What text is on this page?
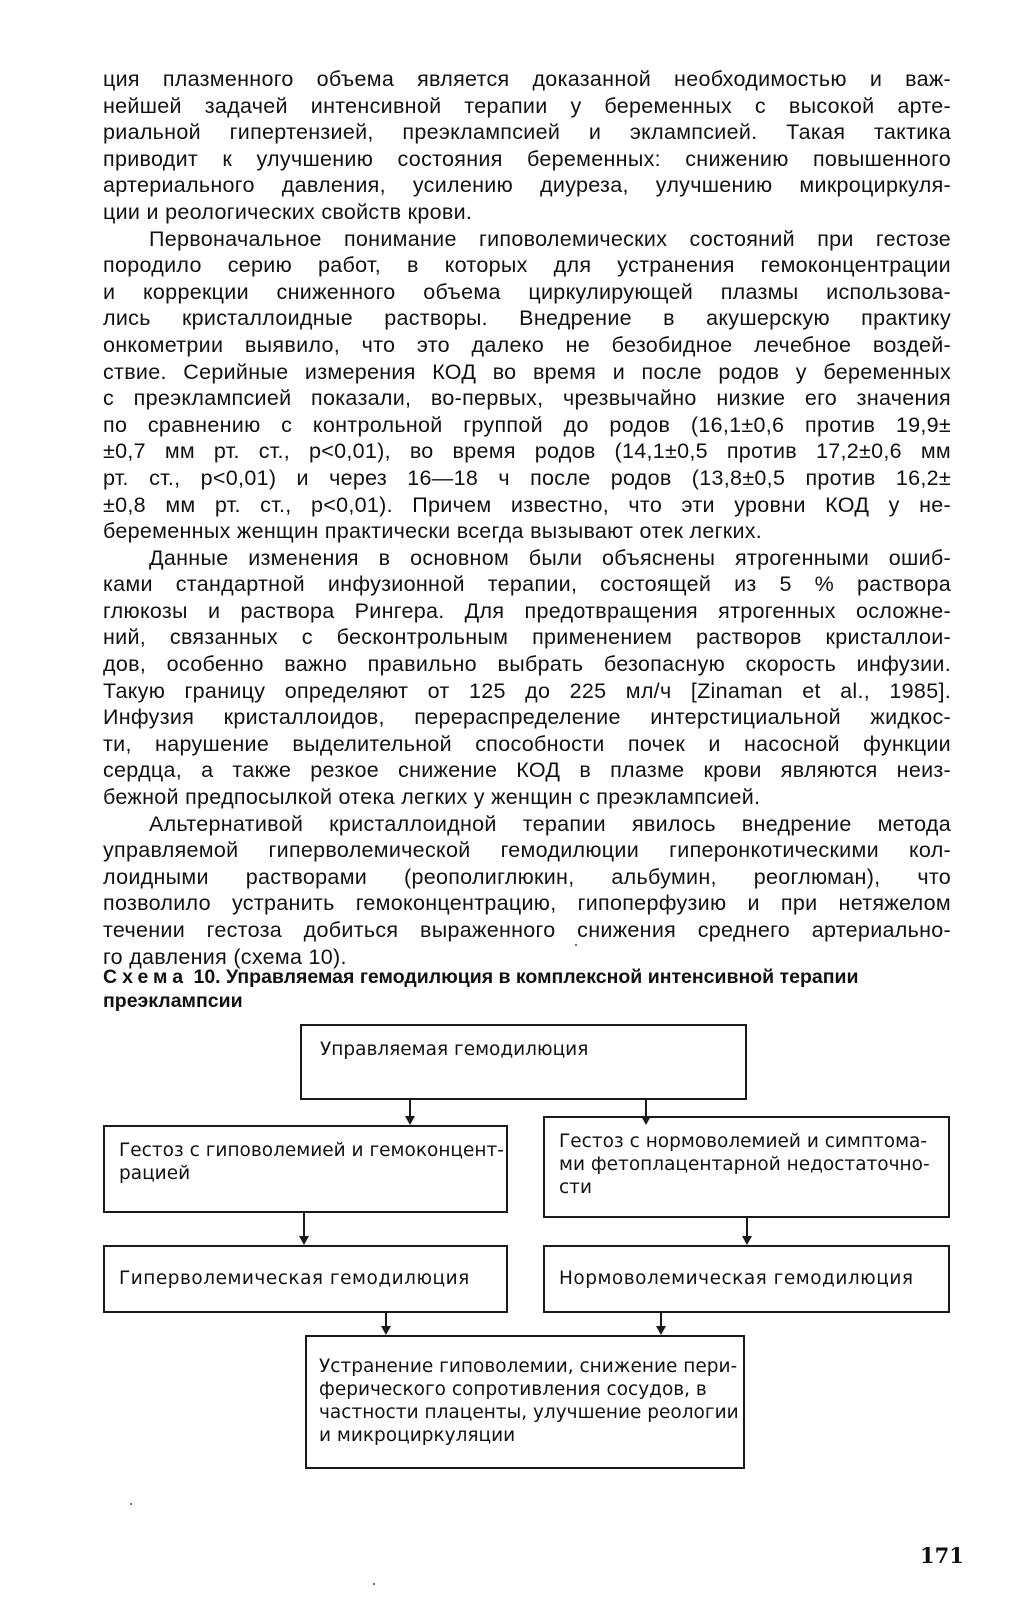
ция плазменного объема является доказанной необходимостью и важ-
нейшей задачей интенсивной терапии у беременных с высокой арте-
риальной гипертензией, преэклампсией и эклампсией. Такая тактика
приводит к улучшению состояния беременных: снижению повышенного
артериального давления, усилению диуреза, улучшению микроциркуля-
ции и реологических свойств крови.
Первоначальное понимание гиповолемических состояний при гестозе
породило серию работ, в которых для устранения гемоконцентрации
и коррекции сниженного объема циркулирующей плазмы использова-
лись кристаллоидные растворы. Внедрение в акушерскую практику
онкометрии выявило, что это далеко не безобидное лечебное воздей-
ствие. Серийные измерения КОД во время и после родов у беременных
с преэклампсией показали, во-первых, чрезвычайно низкие его значения
по сравнению с контрольной группой до родов (16,1±0,6 против 19,9±
±0,7 мм рт. ст., p<0,01), во время родов (14,1±0,5 против 17,2±0,6 мм
рт. ст., p<0,01) и через 16—18 ч после родов (13,8±0,5 против 16,2±
±0,8 мм рт. ст., p<0,01). Причем известно, что эти уровни КОД у не-
беременных женщин практически всегда вызывают отек легких.
Данные изменения в основном были объяснены ятрогенными ошиб-
ками стандартной инфузионной терапии, состоящей из 5 % раствора
глюкозы и раствора Рингера. Для предотвращения ятрогенных осложне-
ний, связанных с бесконтрольным применением растворов кристаллои-
дов, особенно важно правильно выбрать безопасную скорость инфузии.
Такую границу определяют от 125 до 225 мл/ч [Zinaman et al., 1985].
Инфузия кристаллоидов, перераспределение интерстициальной жидкос-
ти, нарушение выделительной способности почек и насосной функции
сердца, а также резкое снижение КОД в плазме крови являются неиз-
бежной предпосылкой отека легких у женщин с преэклампсией.
Альтернативой кристаллоидной терапии явилось внедрение метода
управляемой гиперволемической гемодилюции гиперонкотическими кол-
лоидными растворами (реополиглюкин, альбумин, реоглюман), что
позволило устранить гемоконцентрацию, гипоперфузию и при нетяжелом
течении гестоза добиться выраженного снижения среднего артериально-
го давления (схема 10).
Схема 10. Управляемая гемодилюция в комплексной интенсивной терапии
преэклампсии
Управляемая гемодилюция
Гестоз с гиповолемией и гемоконцент-
рацией
Гестоз с нормоволемией и симптома-
ми фетоплацентарной недостаточно-
сти
Гиперволемическая гемодилюция	Нормоволемическая гемодилюция
Устранение гиповолемии, снижение пери-
ферического сопротивления сосудов, в
частности плаценты, улучшение реологии
и микроциркуляции
171
